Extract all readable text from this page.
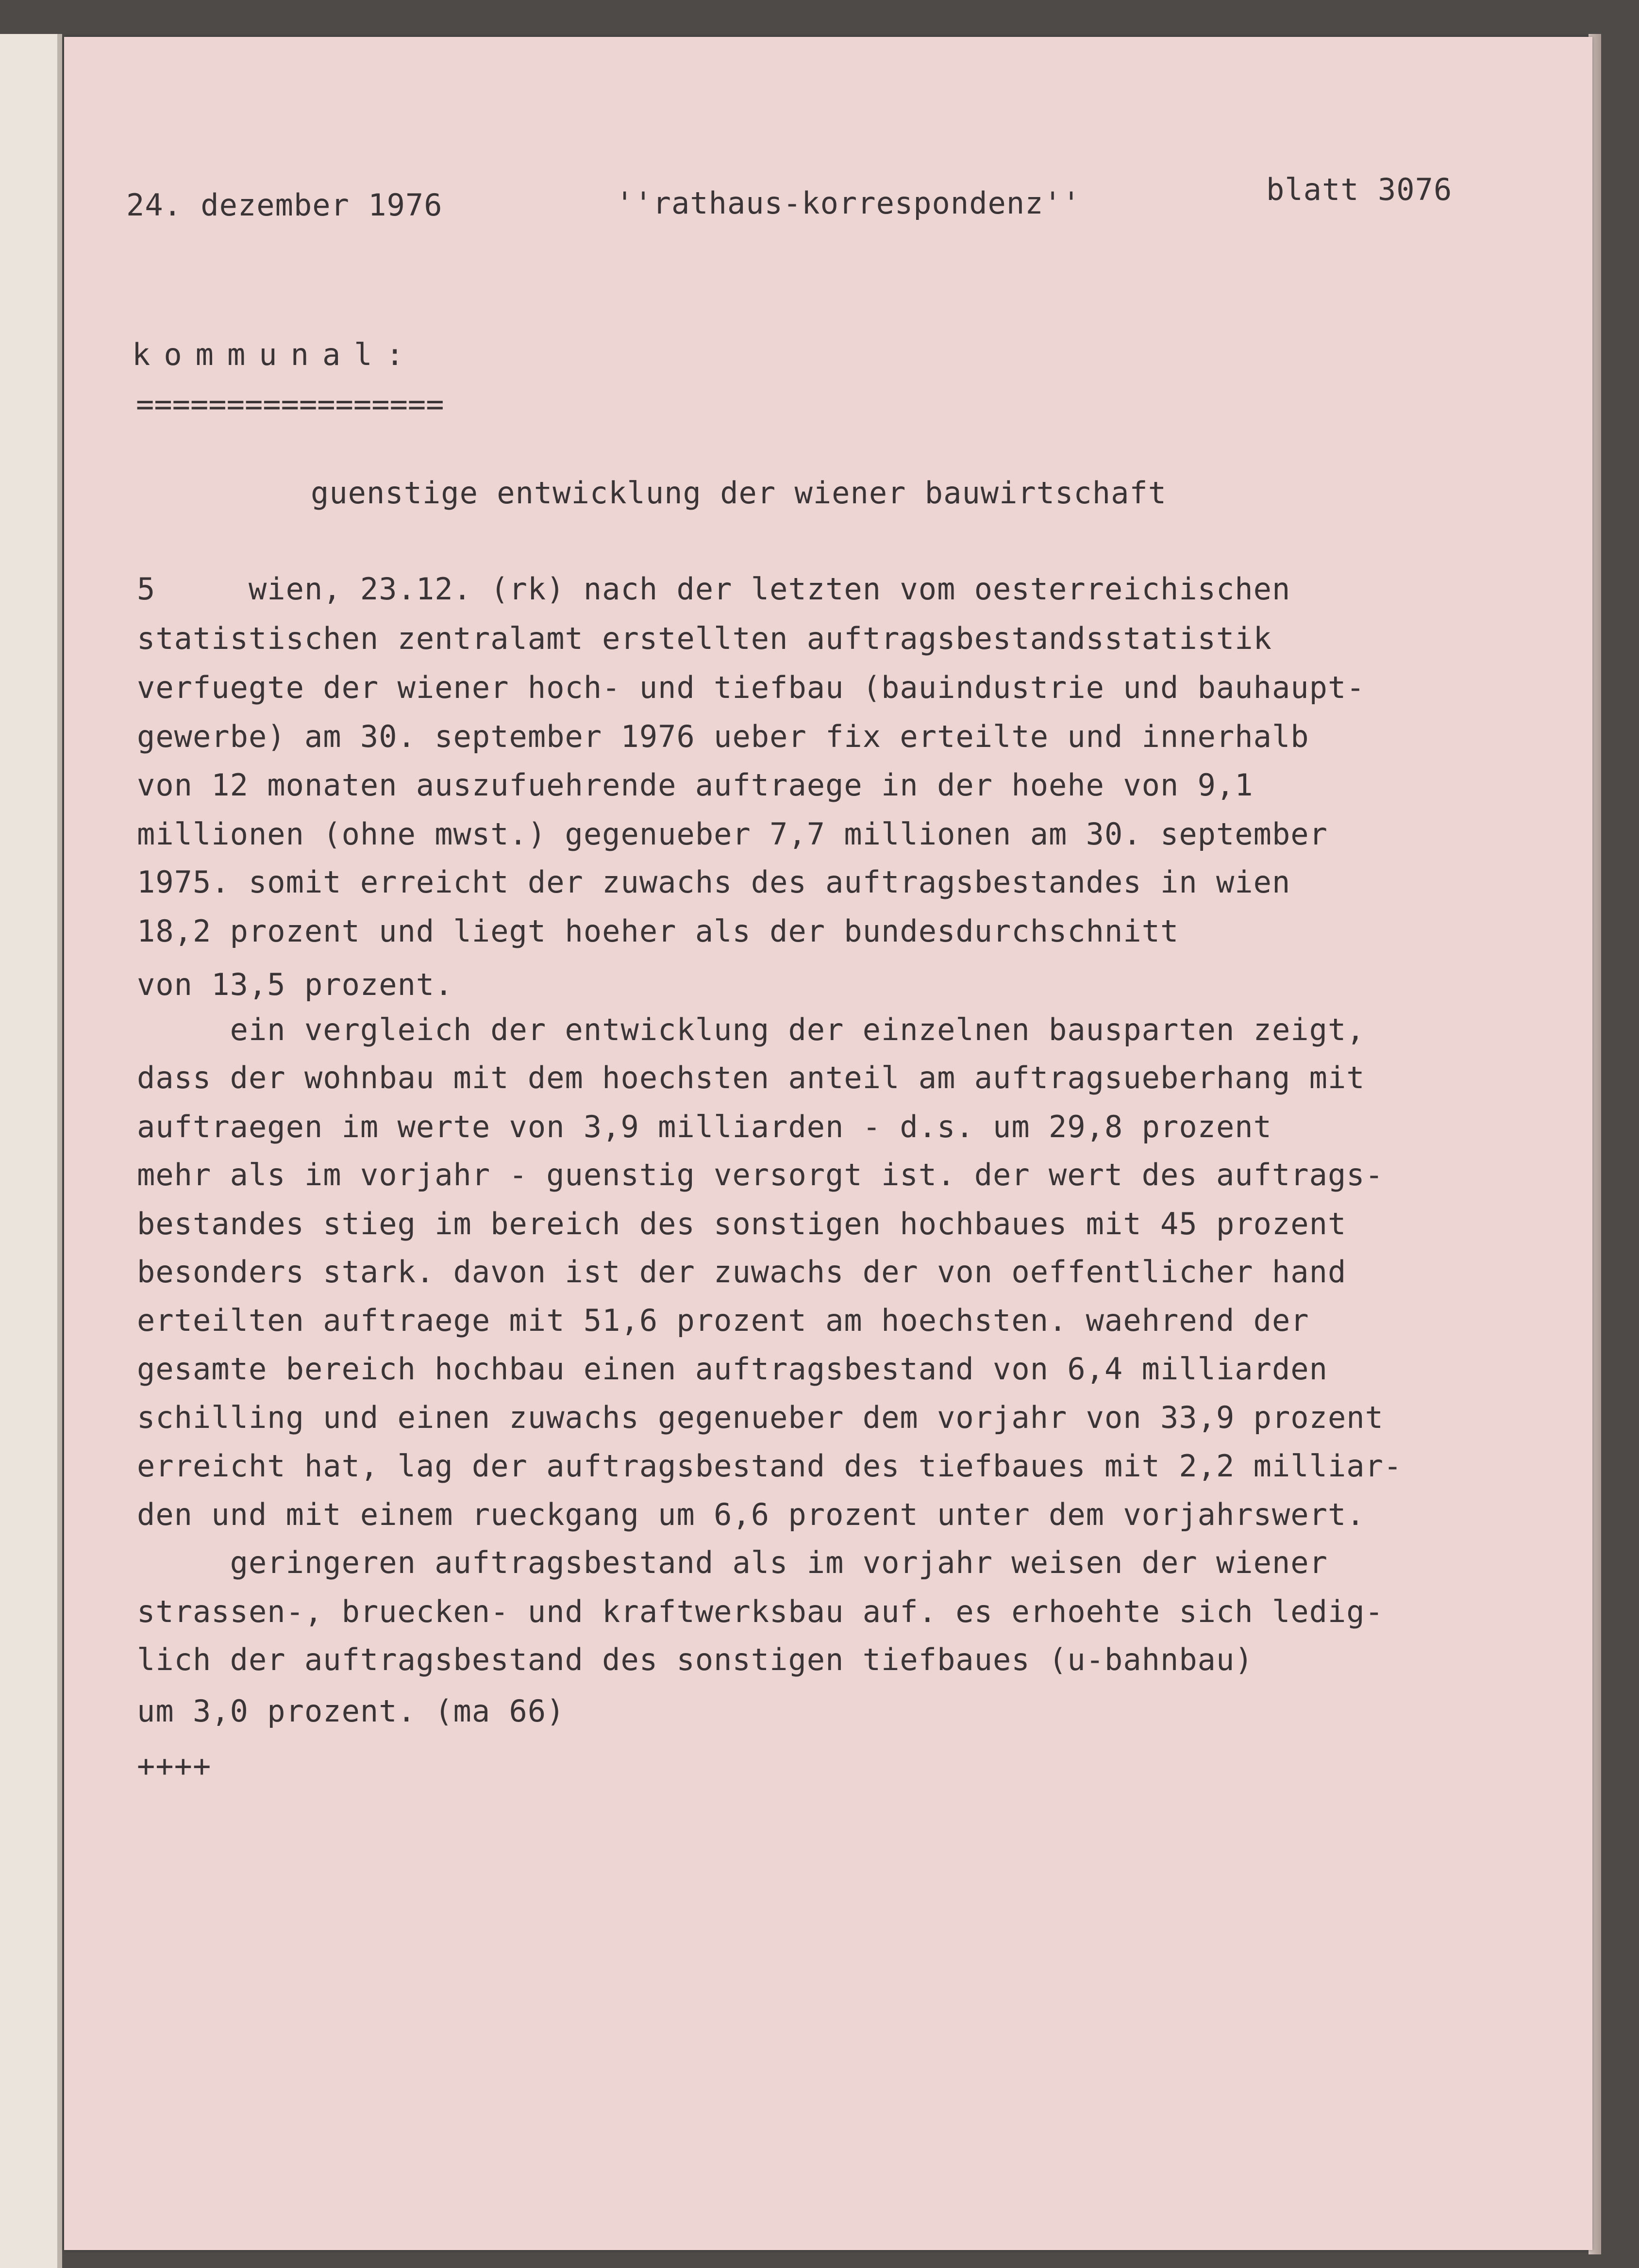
24. dezember 1976	''rathaus-korrespondenz''	blatt 3076
kommunal:
=================
guenstige entwicklung der wiener bauwirtschaft
5     wien, 23.12. (rk) nach der letzten vom oesterreichischen
statistischen zentralamt erstellten auftragsbestandsstatistik
verfuegte der wiener hoch- und tiefbau (bauindustrie und bauhaupt-
gewerbe) am 30. september 1976 ueber fix erteilte und innerhalb
von 12 monaten auszufuehrende auftraege in der hoehe von 9,1
millionen (ohne mwst.) gegenueber 7,7 millionen am 30. september
1975. somit erreicht der zuwachs des auftragsbestandes in wien
18,2 prozent und liegt hoeher als der bundesdurchschnitt
von 13,5 prozent.
ein vergleich der entwicklung der einzelnen bausparten zeigt,
dass der wohnbau mit dem hoechsten anteil am auftragsueberhang mit
auftraegen im werte von 3,9 milliarden - d.s. um 29,8 prozent
mehr als im vorjahr - guenstig versorgt ist. der wert des auftrags-
bestandes stieg im bereich des sonstigen hochbaues mit 45 prozent
besonders stark. davon ist der zuwachs der von oeffentlicher hand
erteilten auftraege mit 51,6 prozent am hoechsten. waehrend der
gesamte bereich hochbau einen auftragsbestand von 6,4 milliarden
schilling und einen zuwachs gegenueber dem vorjahr von 33,9 prozent
erreicht hat, lag der auftragsbestand des tiefbaues mit 2,2 milliar-
den und mit einem rueckgang um 6,6 prozent unter dem vorjahrswert.
geringeren auftragsbestand als im vorjahr weisen der wiener
strassen-, bruecken- und kraftwerksbau auf. es erhoehte sich ledig-
lich der auftragsbestand des sonstigen tiefbaues (u-bahnbau)
um 3,0 prozent. (ma 66)
++++
